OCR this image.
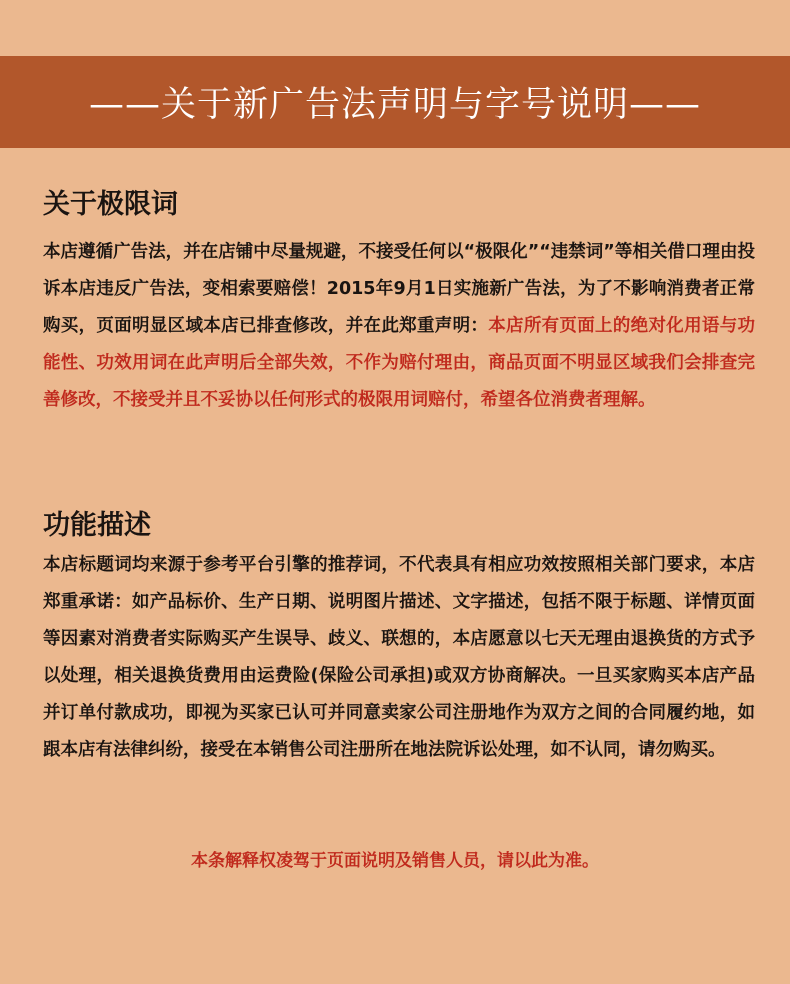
——关于新广告法声明与字号说明——
关于极限词

本店遵循广告法，并在店铺中尽量规避，不接受任何以“极限化”“违禁词”等相关借口理由投诉本店违反广告法，变相索要赔偿！2015年9月1日实施新广告法，为了不影响消费者正常购买，页面明显区域本店已排查修改，并在此郑重声明：本店所有页面上的绝对化用语与功能性、功效用词在此声明后全部失效，不作为赔付理由，商品页面不明显区域我们会排查完善修改，不接受并且不妥协以任何形式的极限用词赔付，希望各位消费者理解。

功能描述

本店标题词均来源于参考平台引擎的推荐词，不代表具有相应功效按照相关部门要求，本店郑重承诺：如产品标价、生产日期、说明图片描述、文字描述，包括不限于标题、详情页面等因素对消费者实际购买产生误导、歧义、联想的，本店愿意以七天无理由退换货的方式予以处理，相关退换货费用由运费险(保险公司承担)或双方协商解决。一旦买家购买本店产品并订单付款成功，即视为买家已认可并同意卖家公司注册地作为双方之间的合同履约地，如跟本店有法律纠纷，接受在本销售公司注册所在地法院诉讼处理，如不认同，请勿购买。

本条解释权凌驾于页面说明及销售人员，请以此为准。
